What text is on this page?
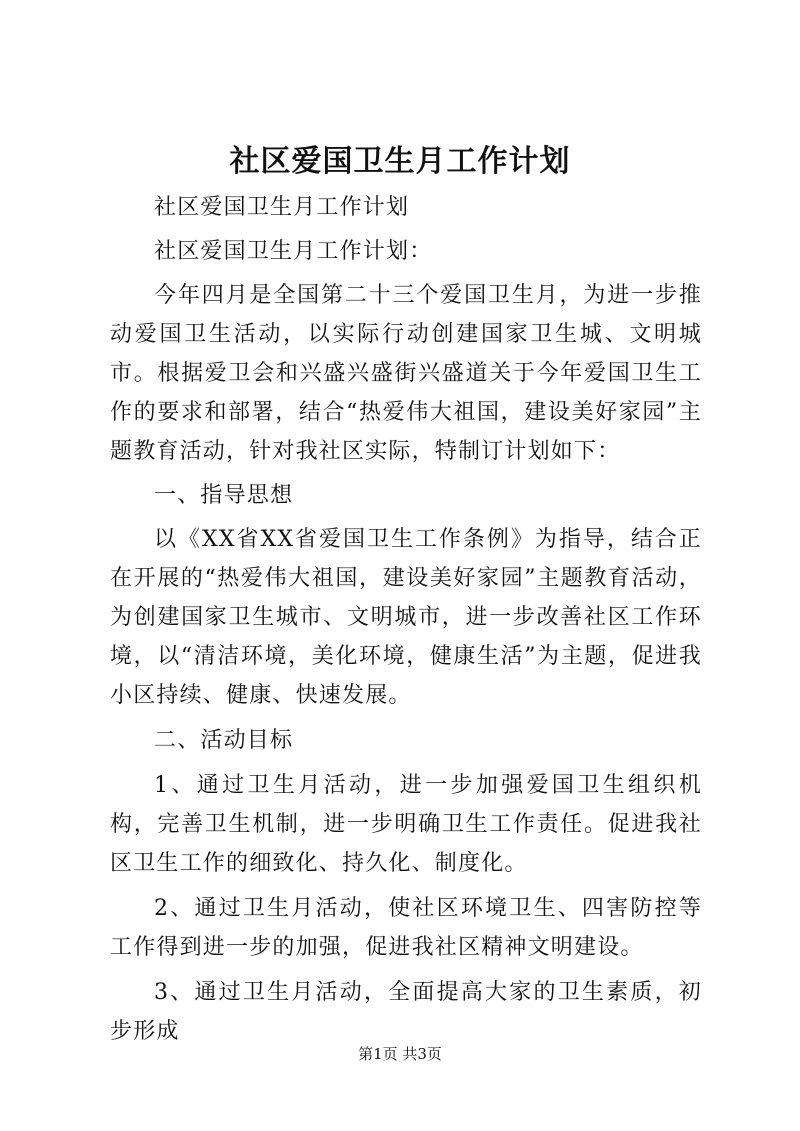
社区爱国卫生月工作计划

社区爱国卫生月工作计划

社区爱国卫生月工作计划：

今年四月是全国第二十三个爱国卫生月，为进一步推动爱国卫生活动，以实际行动创建国家卫生城、文明城市。根据爱卫会和兴盛兴盛街兴盛道关于今年爱国卫生工作的要求和部署，结合“热爱伟大祖国，建设美好家园”主题教育活动，针对我社区实际，特制订计划如下：

一、指导思想

以《XX省XX省爱国卫生工作条例》为指导，结合正在开展的“热爱伟大祖国，建设美好家园”主题教育活动，为创建国家卫生城市、文明城市，进一步改善社区工作环境，以“清洁环境，美化环境，健康生活”为主题，促进我小区持续、健康、快速发展。

二、活动目标

1、通过卫生月活动，进一步加强爱国卫生组织机构，完善卫生机制，进一步明确卫生工作责任。促进我社区卫生工作的细致化、持久化、制度化。

2、通过卫生月活动，使社区环境卫生、四害防控等工作得到进一步的加强，促进我社区精神文明建设。

3、通过卫生月活动，全面提高大家的卫生素质，初步形成

第1页 共3页
